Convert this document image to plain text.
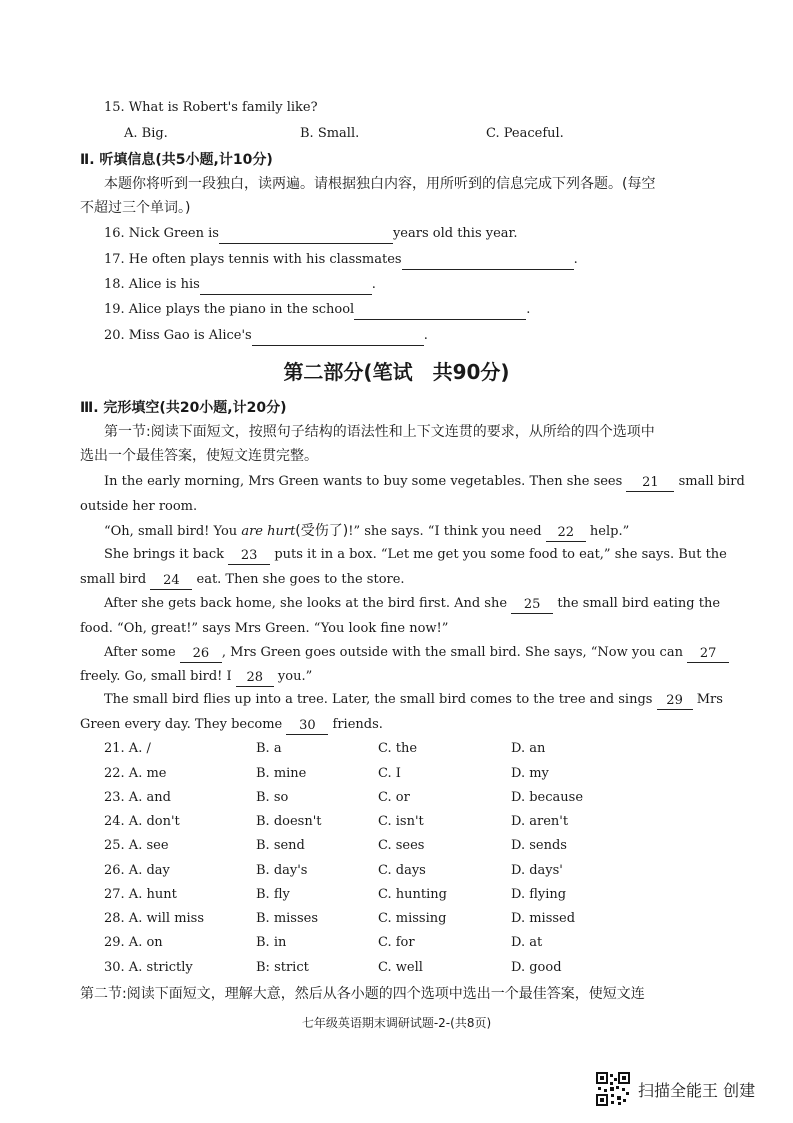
15. What is Robert's family like?
A. Big.	B. Small.	C. Peaceful.
Ⅱ. 听填信息(共5小题,计10分)
本题你将听到一段独白，读两遍。请根据独白内容，用所听到的信息完成下列各题。(每空
不超过三个单词。)
16. Nick Green is	years old this year.
17. He often plays tennis with his classmates	.
18. Alice is his	.
19. Alice plays the piano in the school	.
20. Miss Gao is Alice's	.
第二部分(笔试　共90分)
Ⅲ. 完形填空(共20小题,计20分)
第一节:阅读下面短文，按照句子结构的语法性和上下文连贯的要求，从所给的四个选项中
选出一个最佳答案，使短文连贯完整。
In the early morning, Mrs Green wants to buy some vegetables. Then she sees 21 small bird
outside her room.
“Oh, small bird! You are hurt(受伤了)!” she says. “I think you need 22 help.”
She brings it back 23 puts it in a box. “Let me get you some food to eat,” she says. But the
small bird 24 eat. Then she goes to the store.
After she gets back home, she looks at the bird first. And she 25 the small bird eating the
food. “Oh, great!” says Mrs Green. “You look fine now!”
After some 26 , Mrs Green goes outside with the small bird. She says, “Now you can 27
freely. Go, small bird! I 28 you.”
The small bird flies up into a tree. Later, the small bird comes to the tree and sings 29 Mrs
Green every day. They become 30 friends.
21. A. /	B. a	C. the	D. an
22. A. me	B. mine	C. I	D. my
23. A. and	B. so	C. or	D. because
24. A. don't	B. doesn't	C. isn't	D. aren't
25. A. see	B. send	C. sees	D. sends
26. A. day	B. day's	C. days	D. days'
27. A. hunt	B. fly	C. hunting	D. flying
28. A. will miss	B. misses	C. missing	D. missed
29. A. on	B. in	C. for	D. at
30. A. strictly	B: strict	C. well	D. good
第二节:阅读下面短文，理解大意，然后从各小题的四个选项中选出一个最佳答案，使短文连
七年级英语期末调研试题-2-(共8页)
扫描全能王 创建
